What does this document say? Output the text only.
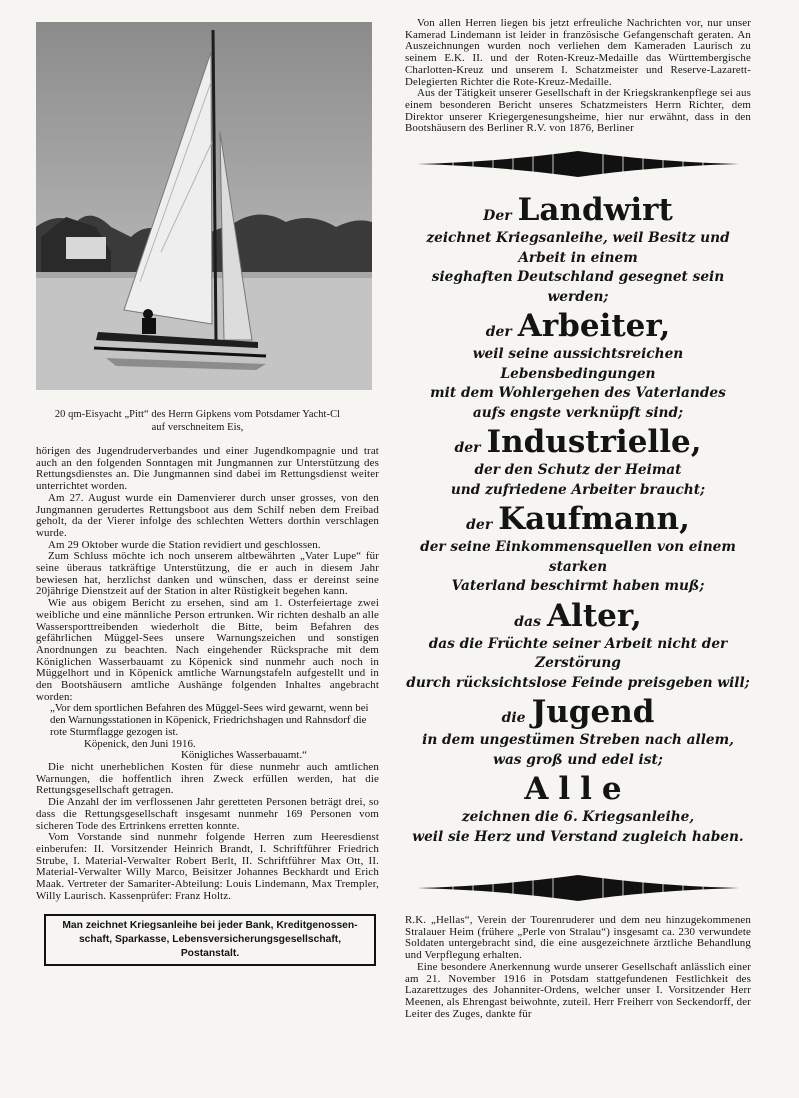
20 qm-Eisyacht „Pitt“ des Herrn Gipkens vom Potsdamer Yacht-Cl
auf verschneitem Eis,

hörigen des Jugendruderverbandes und einer Jugendkompagnie und trat auch an den folgenden Sonntagen mit Jungmannen zur Unterstützung des Rettungsdienstes an. Die Jungmannen sind dabei im Rettungsdienst weiter unterrichtet worden.

Am 27. August wurde ein Damenvierer durch unser grosses, von den Jungmannen gerudertes Rettungsboot aus dem Schilf neben dem Freibad geholt, da der Vierer infolge des schlechten Wetters dorthin verschlagen wurde.

Am 29 Oktober wurde die Station revidiert und geschlossen.

Zum Schluss möchte ich noch unserem altbewährten „Vater Lupe“ für seine überaus tatkräftige Unterstützung, die er auch in diesem Jahr bewiesen hat, herzlichst danken und wünschen, dass er dereinst seine 20jährige Dienstzeit auf der Station in alter Rüstigkeit begehen kann.

Wie aus obigem Bericht zu ersehen, sind am 1. Osterfeiertage zwei weibliche und eine männliche Person ertrunken. Wir richten deshalb an alle Wassersporttreibenden wiederholt die Bitte, beim Befahren des gefährlichen Müggel-Sees unsere Warnungszeichen und sonstigen Anordnungen zu beachten. Nach eingehender Rücksprache mit dem Königlichen Wasserbauamt zu Köpenick sind nunmehr auch noch in Müggelhort und in Köpenick amtliche Warnungstafeln aufgestellt und in den Bootshäusern amtliche Aushänge folgenden Inhaltes angebracht worden:

„Vor dem sportlichen Befahren des Müggel-Sees wird gewarnt, wenn bei den Warnungsstationen in Köpenick, Friedrichshagen und Rahnsdorf die rote Sturmflagge gezogen ist.

Köpenick, den Juni 1916.

Königliches Wasserbauamt.“

Die nicht unerheblichen Kosten für diese nunmehr auch amtlichen Warnungen, die hoffentlich ihren Zweck erfüllen werden, hat die Rettungsgesellschaft getragen.

Die Anzahl der im verflossenen Jahr geretteten Personen beträgt drei, so dass die Rettungsgesellschaft insgesamt nunmehr 169 Personen vom sicheren Tode des Ertrinkens erretten konnte.

Vom Vorstande sind nunmehr folgende Herren zum Heeresdienst einberufen: II. Vorsitzender Heinrich Brandt, I. Schriftführer Friedrich Strube, I. Material-Verwalter Robert Berlt, II. Schriftführer Max Ott, II. Material-Verwalter Willy Marco, Beisitzer Johannes Beckhardt und Erich Maak. Vertreter der Samariter-Abteilung: Louis Lindemann, Max Trempler, Willy Laurisch. Kassenprüfer: Franz Holtz.

Man zeichnet Kriegsanleihe bei jeder Bank, Kreditgenossen-
schaft, Sparkasse, Lebensversicherungsgesellschaft, Postanstalt.

Von allen Herren liegen bis jetzt erfreuliche Nachrichten vor, nur unser Kamerad Lindemann ist leider in französische Gefangenschaft geraten. An Auszeichnungen wurden noch verliehen dem Kameraden Laurisch zu seinem E.K. II. und der Roten-Kreuz-Medaille das Württembergische Charlotten-Kreuz und unserem I. Schatzmeister und Reserve-Lazarett-Delegierten Richter die Rote-Kreuz-Medaille.

Aus der Tätigkeit unserer Gesellschaft in der Kriegskrankenpflege sei aus einem besonderen Bericht unseres Schatzmeisters Herrn Richter, dem Direktor unserer Kriegergenesungsheime, hier nur erwähnt, dass in den Bootshäusern des Berliner R.V. von 1876, Berliner

Der Landwirt
zeichnet Kriegsanleihe, weil Besitz und Arbeit in einem
sieghaften Deutschland gesegnet sein werden;
der Arbeiter,
weil seine aussichtsreichen Lebensbedingungen
mit dem Wohlergehen des Vaterlandes
aufs engste verknüpft sind;
der Industrielle,
der den Schutz der Heimat
und zufriedene Arbeiter braucht;
der Kaufmann,
der seine Einkommensquellen von einem starken
Vaterland beschirmt haben muß;
das Alter,
das die Früchte seiner Arbeit nicht der Zerstörung
durch rücksichtslose Feinde preisgeben will;
die Jugend
in dem ungestümen Streben nach allem,
was groß und edel ist;
Alle
zeichnen die 6. Kriegsanleihe,
weil sie Herz und Verstand zugleich haben.

R.K. „Hellas“, Verein der Tourenruderer und dem neu hinzugekommenen Stralauer Heim (frühere „Perle von Stralau“) insgesamt ca. 230 verwundete Soldaten untergebracht sind, die eine ausgezeichnete ärztliche Behandlung und Verpflegung erhalten.

Eine besondere Anerkennung wurde unserer Gesellschaft anlässlich einer am 21. November 1916 in Potsdam stattgefundenen Festlichkeit des Lazarettzuges des Johanniter-Ordens, welcher unser I. Vorsitzender Herr Meenen, als Ehrengast beiwohnte, zuteil. Herr Freiherr von Seckendorff, der Leiter des Zuges, dankte für
